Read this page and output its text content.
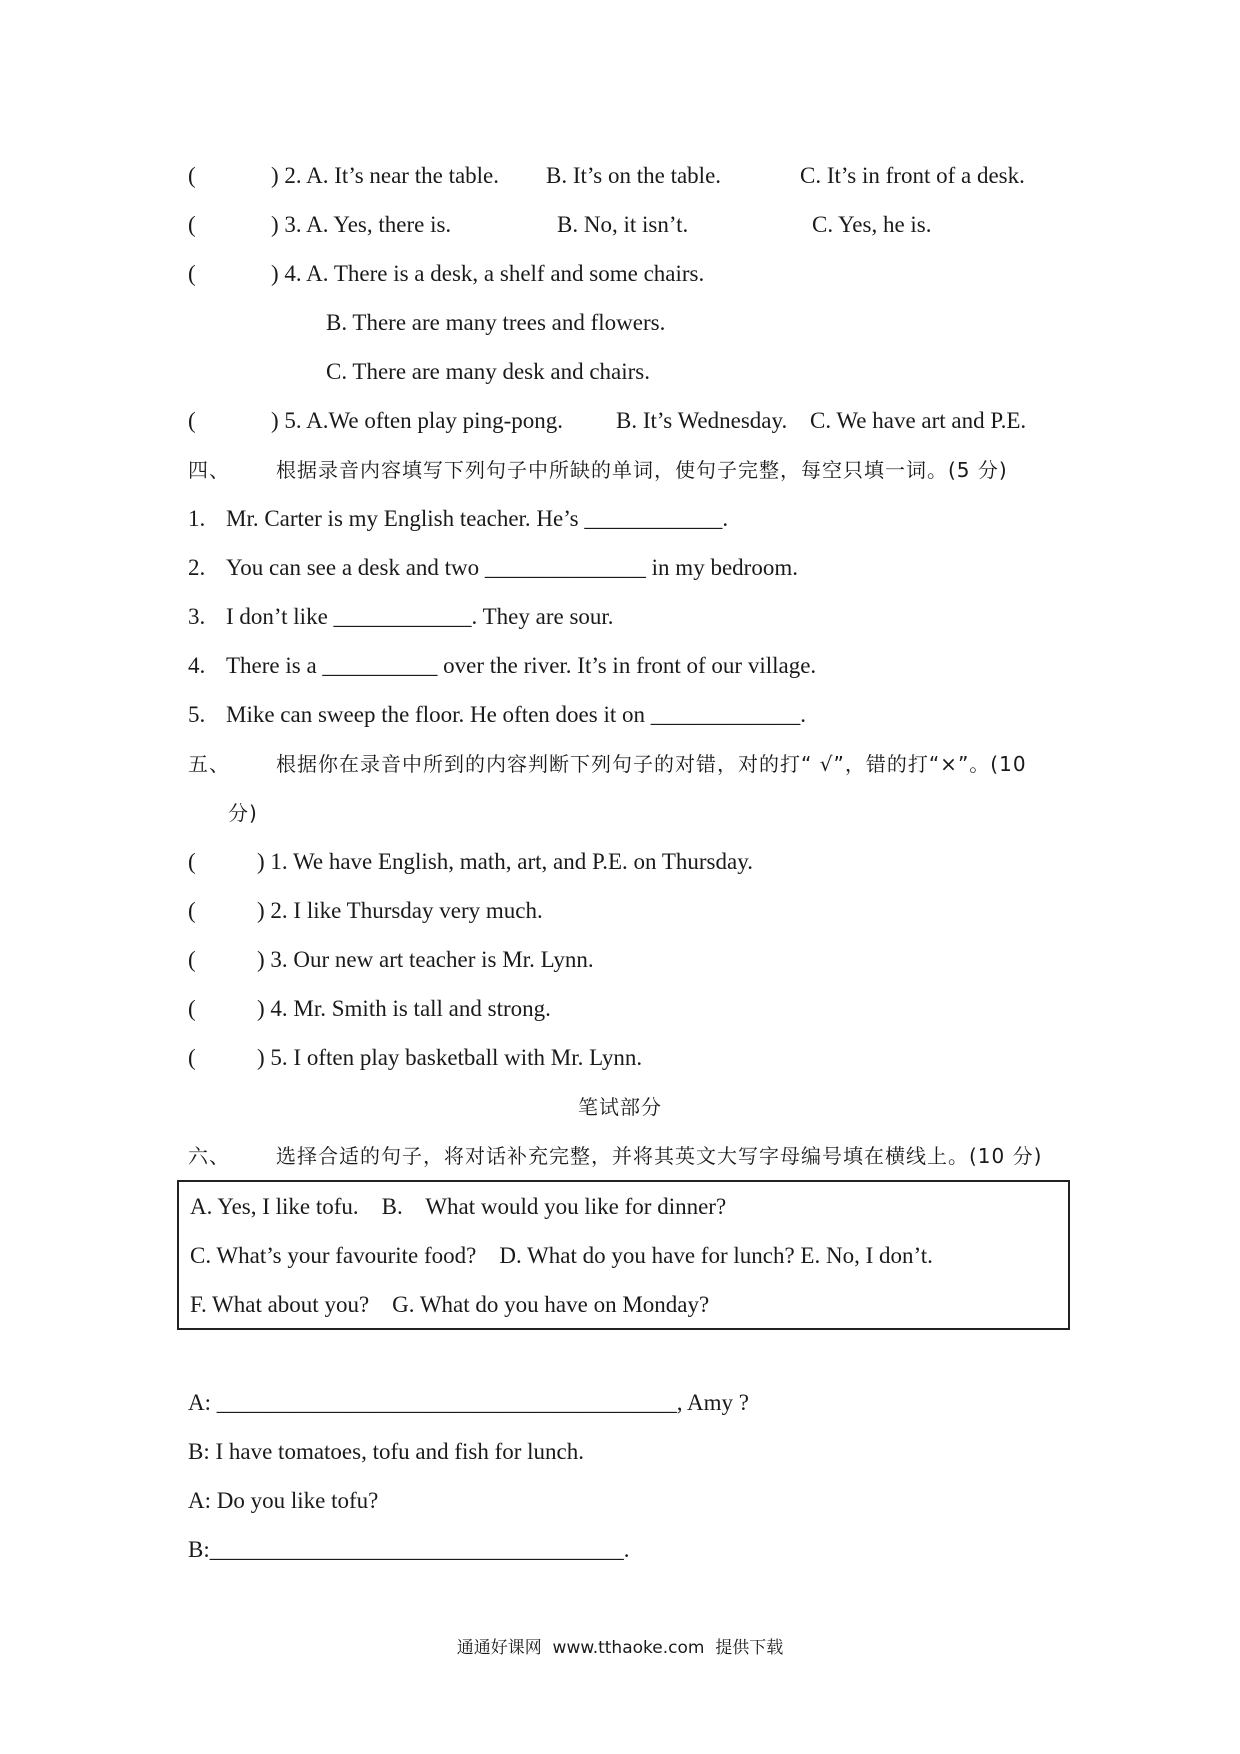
(	) 2. A. It’s near the table. B. It’s on the table.	C. It’s in front of a desk.
(	) 3. A. Yes, there is.	B. No, it isn’t.	C. Yes, he is.
(	) 4. A. There is a desk, a shelf and some chairs.
B. There are many trees and flowers.
C. There are many desk and chairs.
(	) 5. A.We often play ping-pong. B. It’s Wednesday. C. We have art and P.E.
四、 根据录音内容填写下列句子中所缺的单词，使句子完整，每空只填一词。(5 分)
1. Mr. Carter is my English teacher. He’s ____________.
2. You can see a desk and two ______________ in my bedroom.
3. I don’t like ____________. They are sour.
4. There is a __________ over the river. It’s in front of our village.
5. Mike can sweep the floor. He often does it on _____________.
五、 根据你在录音中所到的内容判断下列句子的对错，对的打“ √”，错的打“×”。(10
分)
(	) 1. We have English, math, art, and P.E. on Thursday.
(	) 2. I like Thursday very much.
(	) 3. Our new art teacher is Mr. Lynn.
(	) 4. Mr. Smith is tall and strong.
(	) 5. I often play basketball with Mr. Lynn.
笔试部分
六、 选择合适的句子，将对话补充完整，并将其英文大写字母编号填在横线上。(10 分)
A. Yes, I like tofu.    B.    What would you like for dinner?
C. What’s your favourite food?    D. What do you have for lunch? E. No, I don’t.
F. What about you?    G. What do you have on Monday?
A: ________________________________________, Amy ?
B: I have tomatoes, tofu and fish for lunch.
A: Do you like tofu?
B:____________________________________.
通通好课网  www.tthaoke.com  提供下载
